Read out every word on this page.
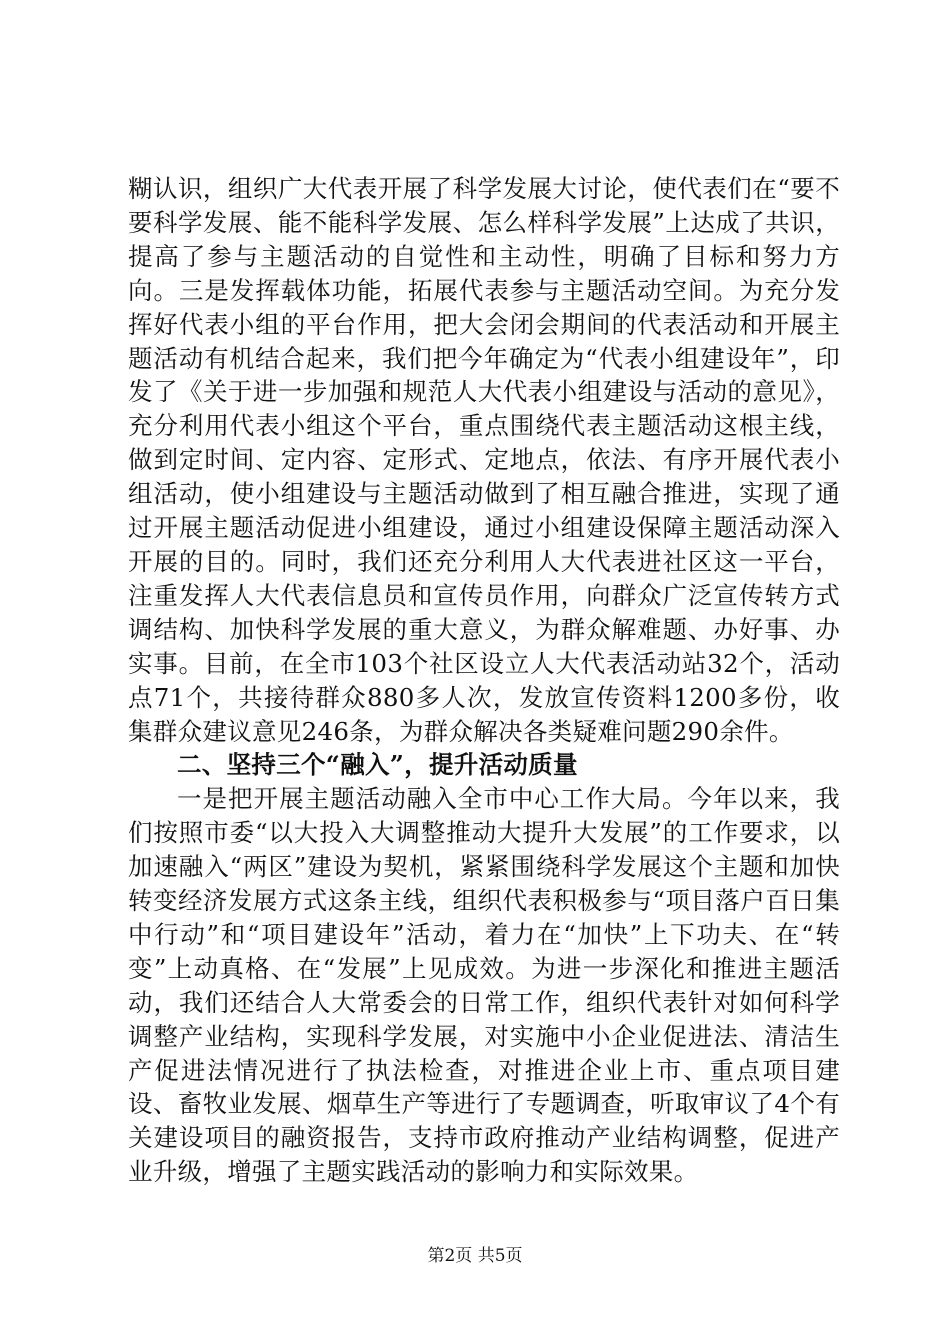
糊认识，组织广大代表开展了科学发展大讨论，使代表们在“要不要科学发展、能不能科学发展、怎么样科学发展”上达成了共识，提高了参与主题活动的自觉性和主动性，明确了目标和努力方向。三是发挥载体功能，拓展代表参与主题活动空间。为充分发挥好代表小组的平台作用，把大会闭会期间的代表活动和开展主题活动有机结合起来，我们把今年确定为“代表小组建设年”，印发了《关于进一步加强和规范人大代表小组建设与活动的意见》，充分利用代表小组这个平台，重点围绕代表主题活动这根主线，做到定时间、定内容、定形式、定地点，依法、有序开展代表小组活动，使小组建设与主题活动做到了相互融合推进，实现了通过开展主题活动促进小组建设，通过小组建设保障主题活动深入开展的目的。同时，我们还充分利用人大代表进社区这一平台，注重发挥人大代表信息员和宣传员作用，向群众广泛宣传转方式调结构、加快科学发展的重大意义，为群众解难题、办好事、办实事。目前，在全市103个社区设立人大代表活动站32个，活动点71个，共接待群众880多人次，发放宣传资料1200多份，收集群众建议意见246条，为群众解决各类疑难问题290余件。

二、坚持三个“融入”，提升活动质量

一是把开展主题活动融入全市中心工作大局。今年以来，我们按照市委“以大投入大调整推动大提升大发展”的工作要求，以加速融入“两区”建设为契机，紧紧围绕科学发展这个主题和加快转变经济发展方式这条主线，组织代表积极参与“项目落户百日集中行动”和“项目建设年”活动，着力在“加快”上下功夫、在“转变”上动真格、在“发展”上见成效。为进一步深化和推进主题活动，我们还结合人大常委会的日常工作，组织代表针对如何科学调整产业结构，实现科学发展，对实施中小企业促进法、清洁生产促进法情况进行了执法检查，对推进企业上市、重点项目建设、畜牧业发展、烟草生产等进行了专题调查，听取审议了4个有关建设项目的融资报告，支持市政府推动产业结构调整，促进产业升级，增强了主题实践活动的影响力和实际效果。

第2页 共5页
